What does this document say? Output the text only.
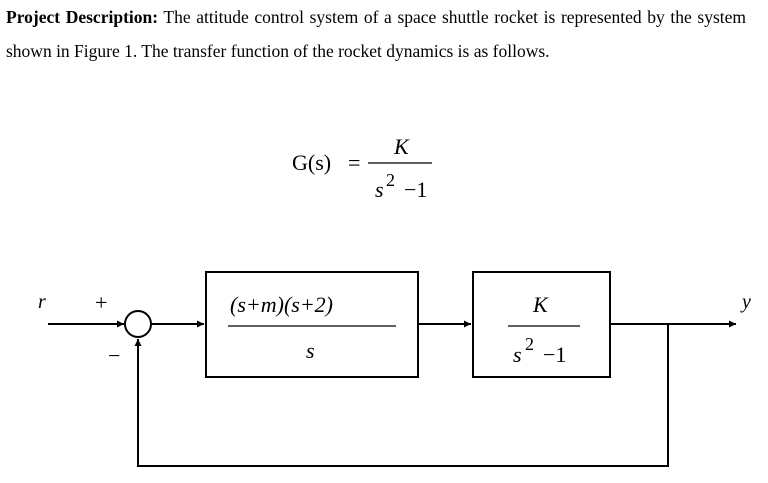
Project Description: The attitude control system of a space shuttle rocket is represented by the system shown in Figure 1. The transfer function of the rocket dynamics is as follows.
G(s) =
K
s 2 −1
r +
−
(s+m)(s+2)
s
K
s 2 −1
y
